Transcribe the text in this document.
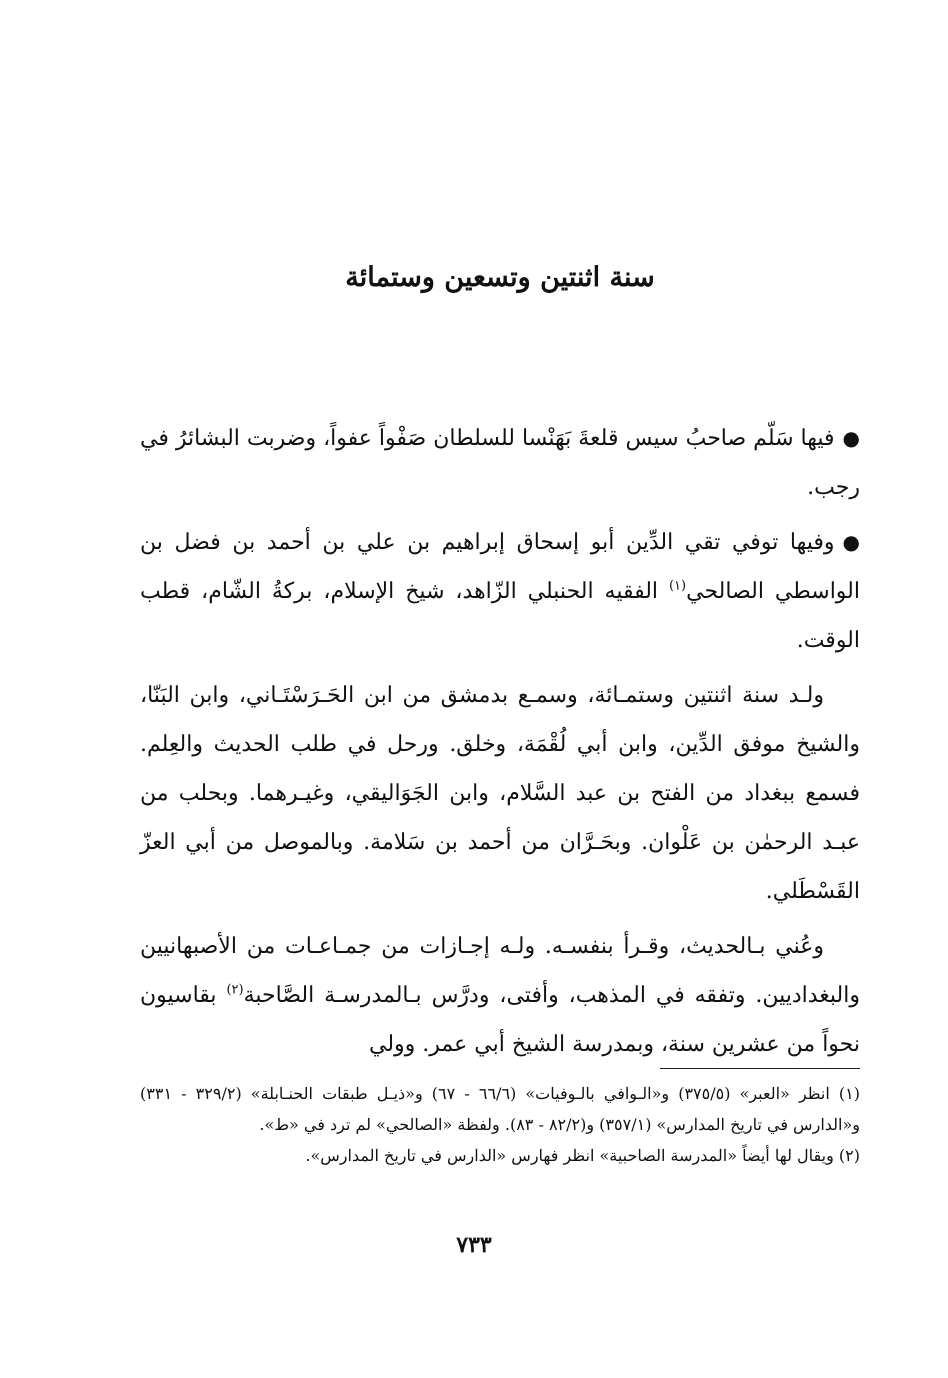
سنة اثنتين وتسعين وستمائة

●فيها سَلّم صاحبُ سيس قلعةَ بَهَنْسا للسلطان صَفْواً عفواً، وضربت البشائرُ في رجب.

●وفيها توفي تقي الدِّين أبو إسحاق إبراهيم بن علي بن أحمد بن فضل بن الواسطي الصالحي$^{(١)}$ الفقيه الحنبلي الزّاهد، شيخ الإسلام، بركةُ الشّام، قطب الوقت.

ولـد سنة اثنتين وستمـائة، وسمـع بدمشق من ابن الحَـرَسْتَـاني، وابن البَنّا، والشيخ موفق الدِّين، وابن أبي لُقْمَة، وخلق. ورحل في طلب الحديث والعِلم. فسمع ببغداد من الفتح بن عبد السَّلام، وابن الجَوَاليقي، وغيـرهما. وبحلب من عبـد الرحمٰن بن عَلْوان. وبحَـرَّان من أحمد بن سَلامة. وبالموصل من أبي العزّ القَسْطَلي.

وعُني بـالحديث، وقـرأ بنفسـه. ولـه إجـازات من جمـاعـات من الأصبهانيين والبغداديين. وتفقه في المذهب، وأفتى، ودرَّس بـالمدرسـة الصَّاحبة$^{(٢)}$ بقاسيون نحواً من عشرين سنة، وبمدرسة الشيخ أبي عمر. وولي

(١) انظر «العبر» (٣٧٥/٥) و«الـوافي بالـوفيات» (٦٦/٦ - ٦٧) و«ذيـل طبقات الحنـابلة» (٣٢٩/٢ - ٣٣١) و«الدارس في تاريخ المدارس» (٣٥٧/١) و(٨٢/٢ - ٨٣). ولفظة «الصالحي» لم ترد في «ط».

(٢) ويقال لها أيضاً «المدرسة الصاحبية» انظر فهارس «الدارس في تاريخ المدارس».

٧٣٣
